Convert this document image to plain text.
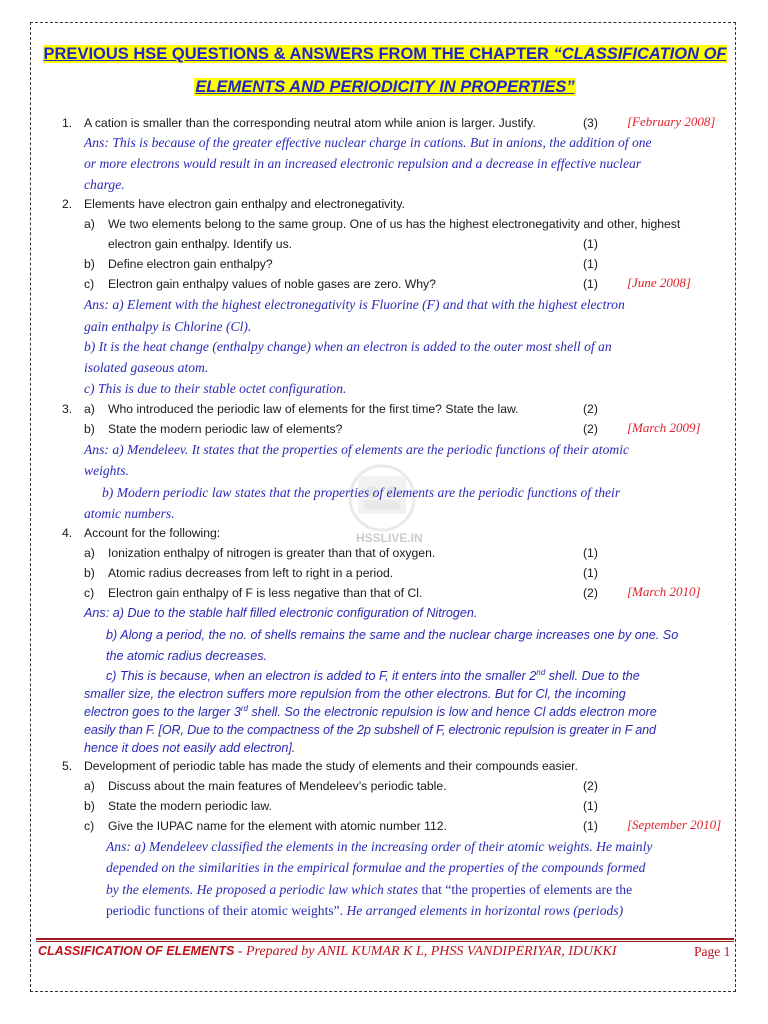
PREVIOUS HSE QUESTIONS & ANSWERS FROM THE CHAPTER “CLASSIFICATION OF
ELEMENTS AND PERIODICITY IN PROPERTIES”
HSSLIVE.IN
1. A cation is smaller than the corresponding neutral atom while anion is larger. Justify.	(3) [February 2008]
Ans: This is because of the greater effective nuclear charge in cations. But in anions, the addition of one
or more electrons would result in an increased electronic repulsion and a decrease in effective nuclear
charge.
2. Elements have electron gain enthalpy and electronegativity.
a) We two elements belong to the same group. One of us has the highest electronegativity and other, highest
electron gain enthalpy. Identify us.	(1)
b) Define electron gain enthalpy?	(1)
c) Electron gain enthalpy values of noble gases are zero. Why?	(1) [June 2008]
Ans: a) Element with the highest electronegativity is Fluorine (F) and that with the highest electron
gain enthalpy is Chlorine (Cl).
b) It is the heat change (enthalpy change) when an electron is added to the outer most shell of an
isolated gaseous atom.
c) This is due to their stable octet configuration.
3. a) Who introduced the periodic law of elements for the first time? State the law.	(2)
b) State the modern periodic law of elements?	(2) [March 2009]
Ans: a) Mendeleev. It states that the properties of elements are the periodic functions of their atomic
weights.
b) Modern periodic law states that the properties of elements are the periodic functions of their
atomic numbers.
4. Account for the following:
a) Ionization enthalpy of nitrogen is greater than that of oxygen.	(1)
b) Atomic radius decreases from left to right in a period.	(1)
c) Electron gain enthalpy of F is less negative than that of Cl.	(2) [March 2010]
Ans: a) Due to the stable half filled electronic configuration of Nitrogen.
b) Along a period, the no. of shells remains the same and the nuclear charge increases one by one. So
the atomic radius decreases.
c) This is because, when an electron is added to F, it enters into the smaller 2nd shell. Due to the
smaller size, the electron suffers more repulsion from the other electrons. But for Cl, the incoming
electron goes to the larger 3rd shell. So the electronic repulsion is low and hence Cl adds electron more
easily than F. [OR, Due to the compactness of the 2p subshell of F, electronic repulsion is greater in F and
hence it does not easily add electron].
5. Development of periodic table has made the study of elements and their compounds easier.
a) Discuss about the main features of Mendeleev’s periodic table.	(2)
b) State the modern periodic law.	(1)
c) Give the IUPAC name for the element with atomic number 112.	(1) [September 2010]
Ans: a) Mendeleev classified the elements in the increasing order of their atomic weights. He mainly
depended on the similarities in the empirical formulae and the properties of the compounds formed
by the elements. He proposed a periodic law which states that “the properties of elements are the
periodic functions of their atomic weights”. He arranged elements in horizontal rows (periods)
CLASSIFICATION OF ELEMENTS - Prepared by ANIL KUMAR K L, PHSS VANDIPERIYAR, IDUKKI	Page 1
